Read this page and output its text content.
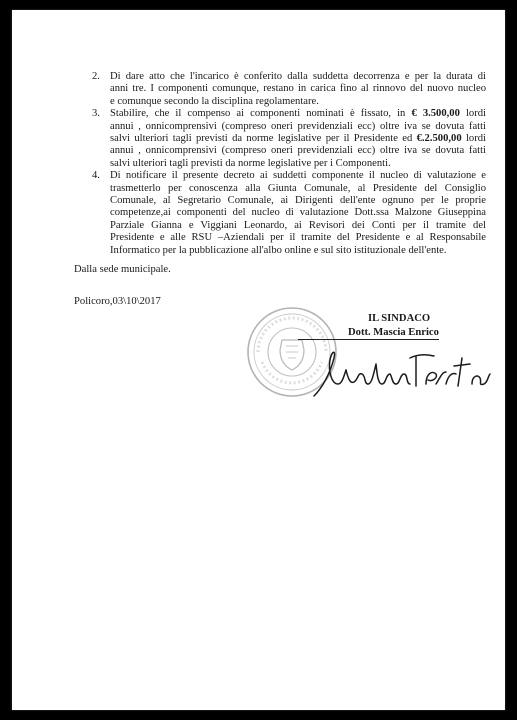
2. Di dare atto che l'incarico è conferito dalla suddetta decorrenza e per la durata di
anni tre. I componenti comunque, restano in carica fino al rinnovo del nuovo nucleo
e comunque secondo la disciplina regolamentare.
3. Stabilire, che il compenso ai componenti nominati è fissato, in € 3.500,00 lordi
annui , onnicomprensivi (compreso oneri previdenziali ecc) oltre iva se dovuta fatti
salvi ulteriori tagli previsti da norme legislative per il Presidente ed €.2.500,00 lordi
annui , onnicomprensivi (compreso oneri previdenziali ecc) oltre iva se dovuta fatti
salvi ulteriori tagli previsti da norme legislative per i Componenti.
4. Di notificare il presente decreto ai suddetti componente il nucleo di valutazione e
trasmetterlo per conoscenza alla Giunta Comunale, al Presidente del Consiglio
Comunale, al Segretario Comunale, ai Dirigenti dell'ente ognuno per le proprie
competenze,ai componenti del nucleo di valutazione Dott.ssa Malzone Giuseppina
Parziale Gianna e Viggiani Leonardo, ai Revisori dei Conti per il tramite del
Presidente e alle RSU –Aziendali per il tramite del Presidente e al Responsabile
Informatico per la pubblicazione all'albo online e sul sito istituzionale dell'ente.
Dalla sede municipale.
Policoro,03\10\2017
IL SINDACO
Dott. Mascia Enrico
